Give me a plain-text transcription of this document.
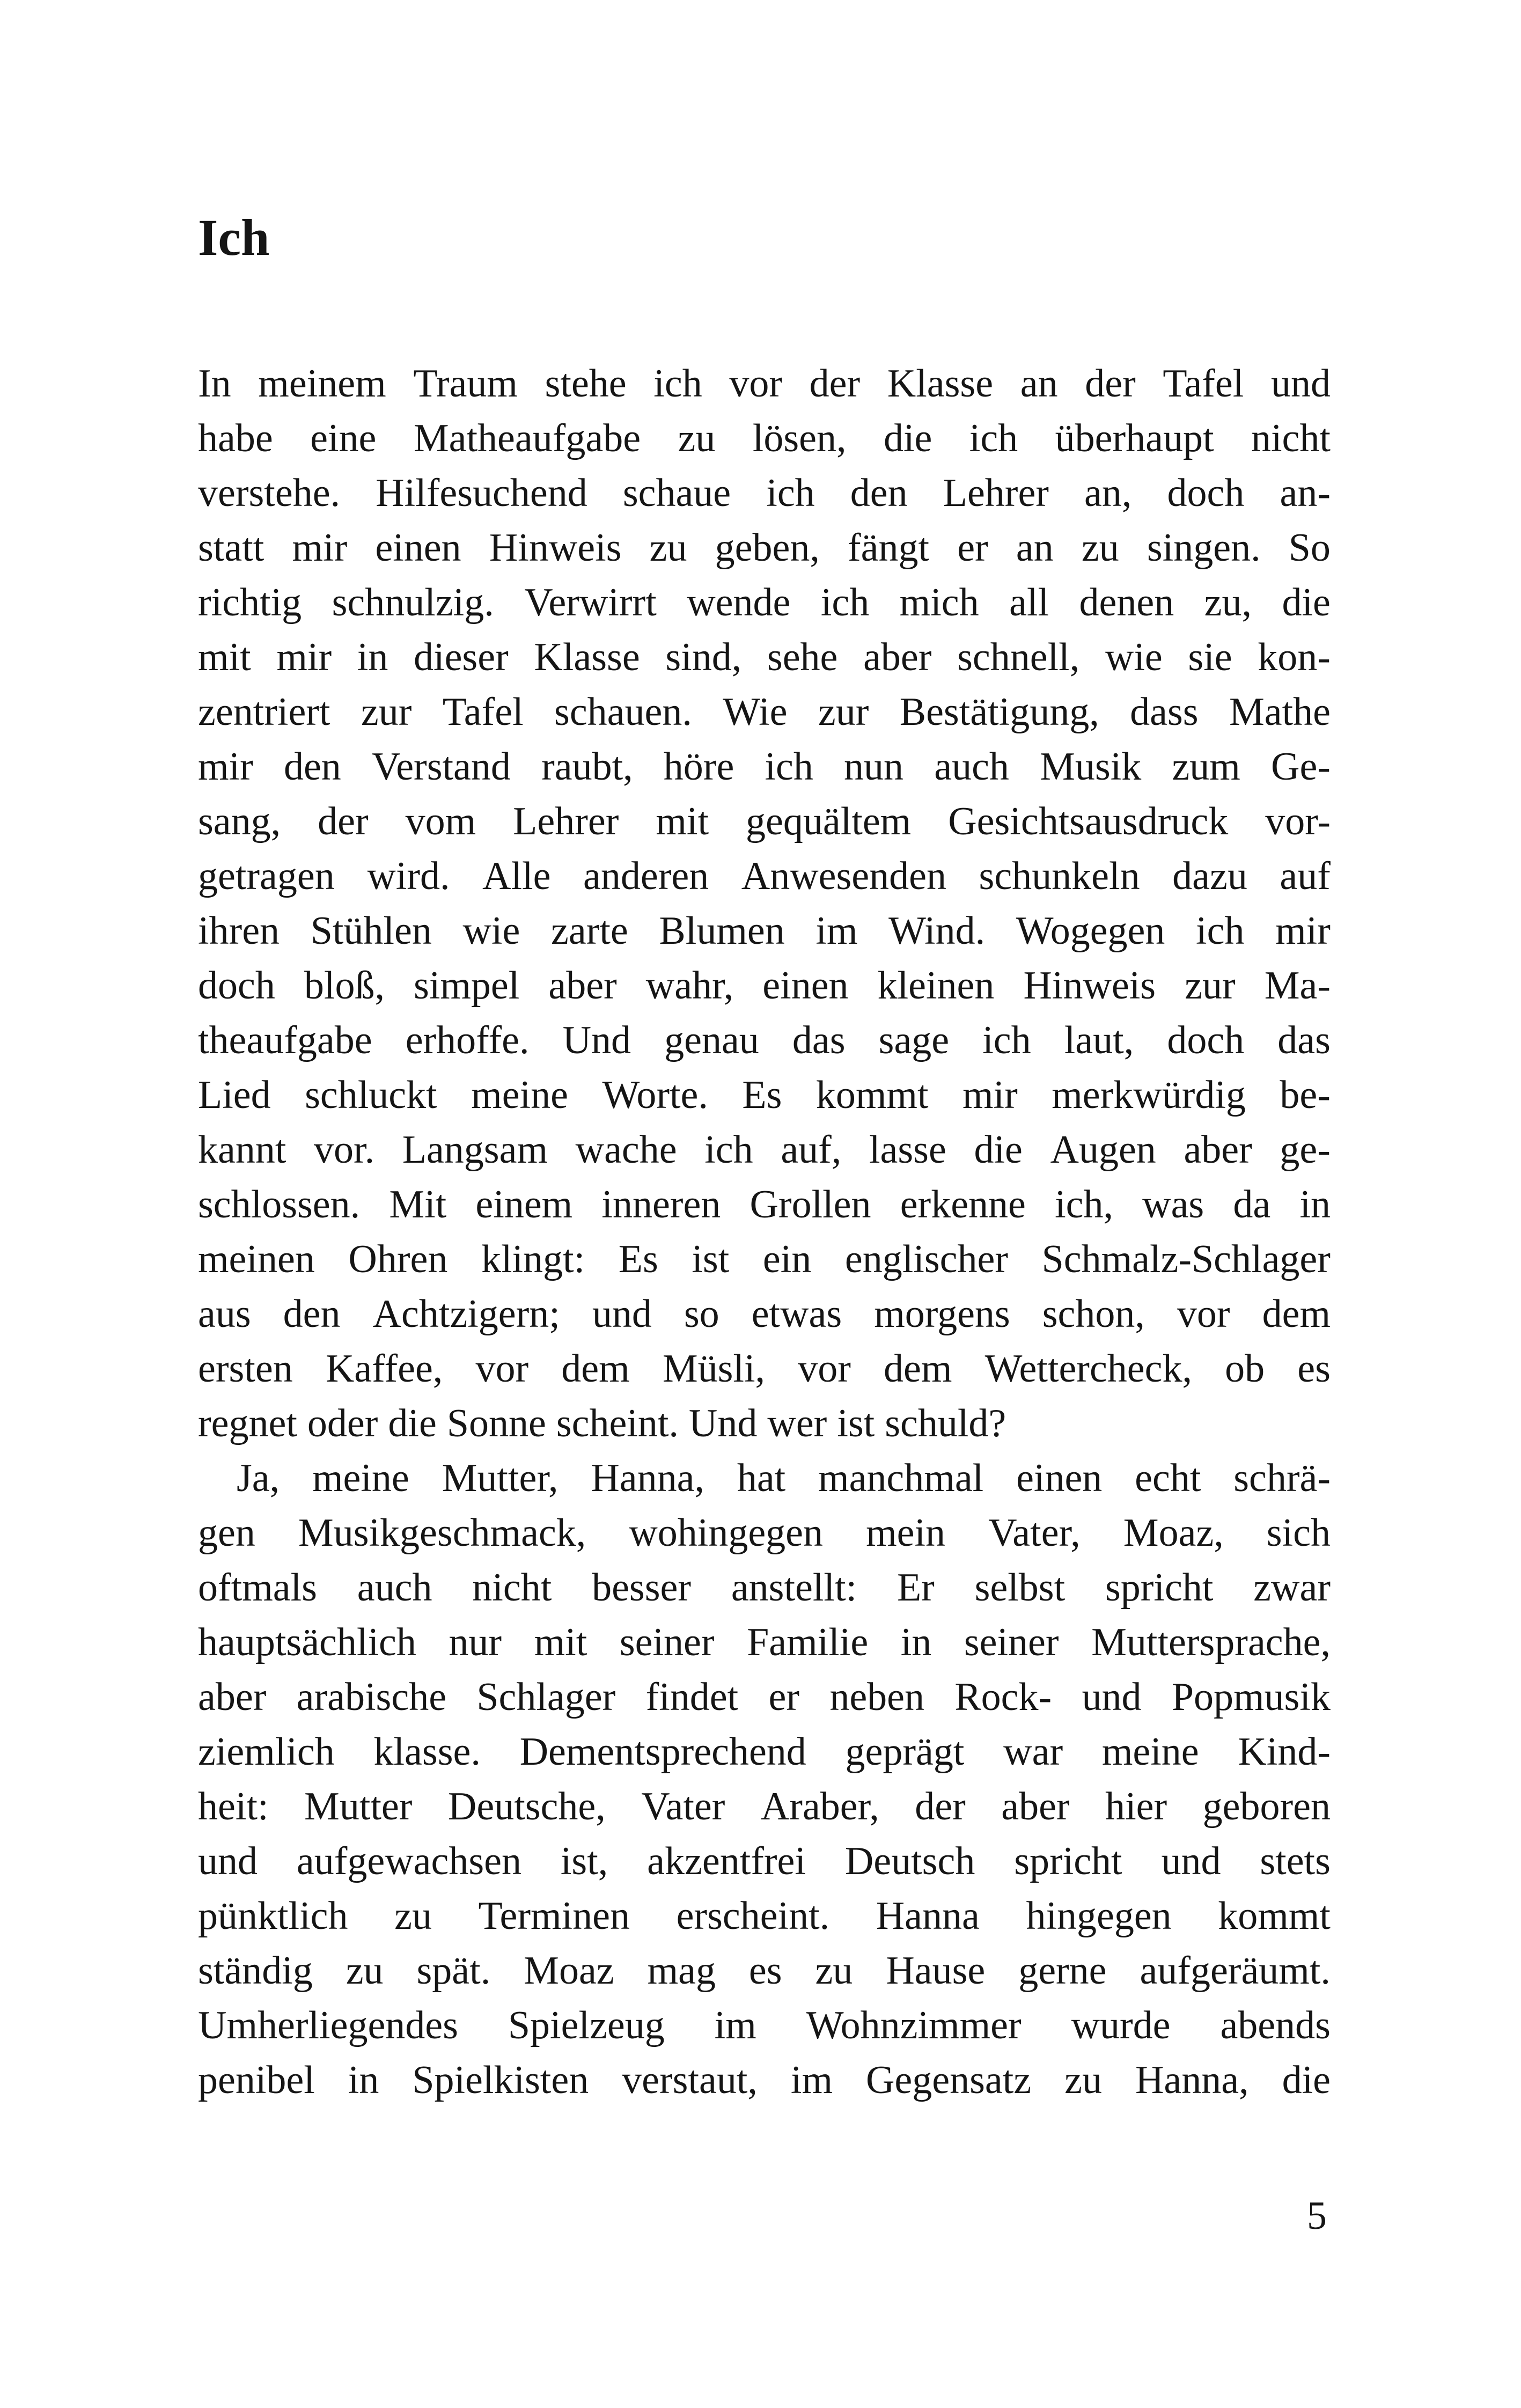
Ich
In meinem Traum stehe ich vor der Klasse an der Tafel und
habe eine Matheaufgabe zu lösen, die ich überhaupt nicht
verstehe. Hilfesuchend schaue ich den Lehrer an, doch an-
statt mir einen Hinweis zu geben, fängt er an zu singen. So
richtig schnulzig. Verwirrt wende ich mich all denen zu, die
mit mir in dieser Klasse sind, sehe aber schnell, wie sie kon-
zentriert zur Tafel schauen. Wie zur Bestätigung, dass Mathe
mir den Verstand raubt, höre ich nun auch Musik zum Ge-
sang, der vom Lehrer mit gequältem Gesichtsausdruck vor-
getragen wird. Alle anderen Anwesenden schunkeln dazu auf
ihren Stühlen wie zarte Blumen im Wind. Wogegen ich mir
doch bloß, simpel aber wahr, einen kleinen Hinweis zur Ma-
theaufgabe erhoffe. Und genau das sage ich laut, doch das
Lied schluckt meine Worte. Es kommt mir merkwürdig be-
kannt vor. Langsam wache ich auf, lasse die Augen aber ge-
schlossen. Mit einem inneren Grollen erkenne ich, was da in
meinen Ohren klingt: Es ist ein englischer Schmalz-Schlager
aus den Achtzigern; und so etwas morgens schon, vor dem
ersten Kaffee, vor dem Müsli, vor dem Wettercheck, ob es
regnet oder die Sonne scheint. Und wer ist schuld?
Ja, meine Mutter, Hanna, hat manchmal einen echt schrä-
gen Musikgeschmack, wohingegen mein Vater, Moaz, sich
oftmals auch nicht besser anstellt: Er selbst spricht zwar
hauptsächlich nur mit seiner Familie in seiner Muttersprache,
aber arabische Schlager findet er neben Rock- und Popmusik
ziemlich klasse. Dementsprechend geprägt war meine Kind-
heit: Mutter Deutsche, Vater Araber, der aber hier geboren
und aufgewachsen ist, akzentfrei Deutsch spricht und stets
pünktlich zu Terminen erscheint. Hanna hingegen kommt
ständig zu spät. Moaz mag es zu Hause gerne aufgeräumt.
Umherliegendes Spielzeug im Wohnzimmer wurde abends
penibel in Spielkisten verstaut, im Gegensatz zu Hanna, die
5
